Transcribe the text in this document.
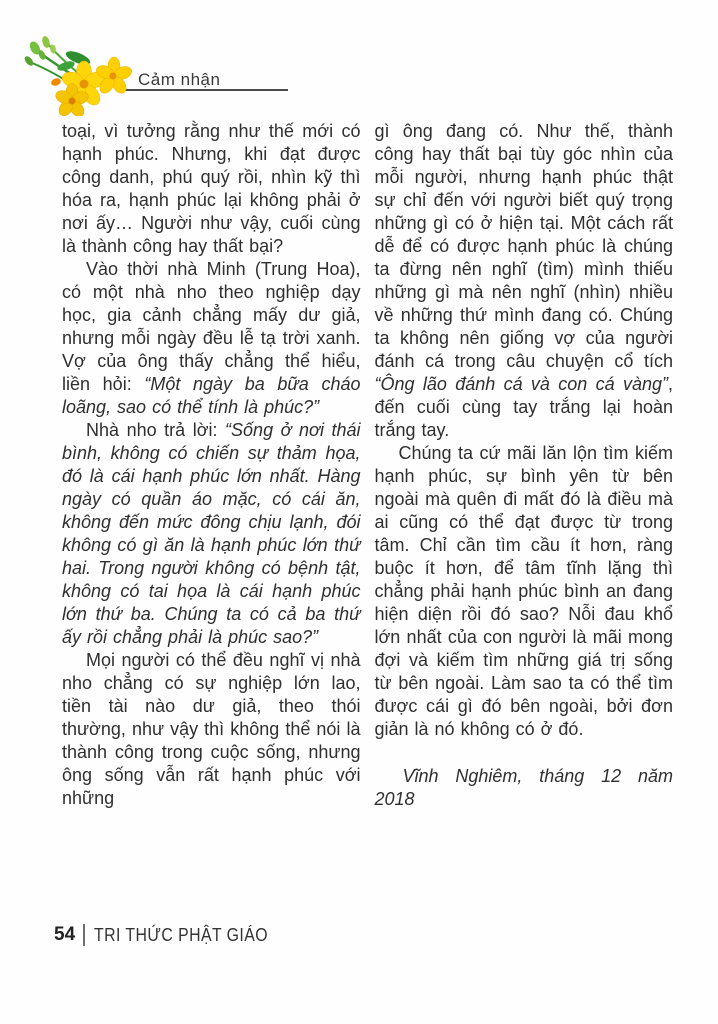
Cảm nhận

toại, vì tưởng rằng như thế mới có hạnh phúc. Nhưng, khi đạt được công danh, phú quý rồi, nhìn kỹ thì hóa ra, hạnh phúc lại không phải ở nơi ấy… Người như vậy, cuối cùng là thành công hay thất bại?

Vào thời nhà Minh (Trung Hoa), có một nhà nho theo nghiệp dạy học, gia cảnh chẳng mấy dư giả, nhưng mỗi ngày đều lễ tạ trời xanh. Vợ của ông thấy chẳng thể hiểu, liền hỏi: “Một ngày ba bữa cháo loãng, sao có thể tính là phúc?”

Nhà nho trả lời: “Sống ở nơi thái bình, không có chiến sự thảm họa, đó là cái hạnh phúc lớn nhất. Hàng ngày có quần áo mặc, có cái ăn, không đến mức đông chịu lạnh, đói không có gì ăn là hạnh phúc lớn thứ hai. Trong người không có bệnh tật, không có tai họa là cái hạnh phúc lớn thứ ba. Chúng ta có cả ba thứ ấy rồi chẳng phải là phúc sao?”

Mọi người có thể đều nghĩ vị nhà nho chẳng có sự nghiệp lớn lao, tiền tài nào dư giả, theo thói thường, như vậy thì không thể nói là thành công trong cuộc sống, nhưng ông sống vẫn rất hạnh phúc với những

gì ông đang có. Như thế, thành công hay thất bại tùy góc nhìn của mỗi người, nhưng hạnh phúc thật sự chỉ đến với người biết quý trọng những gì có ở hiện tại. Một cách rất dễ để có được hạnh phúc là chúng ta đừng nên nghĩ (tìm) mình thiếu những gì mà nên nghĩ (nhìn) nhiều về những thứ mình đang có. Chúng ta không nên giống vợ của người đánh cá trong câu chuyện cổ tích “Ông lão đánh cá và con cá vàng”, đến cuối cùng tay trắng lại hoàn trắng tay.

Chúng ta cứ mãi lăn lộn tìm kiếm hạnh phúc, sự bình yên từ bên ngoài mà quên đi mất đó là điều mà ai cũng có thể đạt được từ trong tâm. Chỉ cần tìm cầu ít hơn, ràng buộc ít hơn, để tâm tĩnh lặng thì chẳng phải hạnh phúc bình an đang hiện diện rồi đó sao? Nỗi đau khổ lớn nhất của con người là mãi mong đợi và kiếm tìm những giá trị sống từ bên ngoài. Làm sao ta có thể tìm được cái gì đó bên ngoài, bởi đơn giản là nó không có ở đó.

Vĩnh Nghiêm, tháng 12 năm
2018
54 TRI THỨC PHẬT GIÁO
